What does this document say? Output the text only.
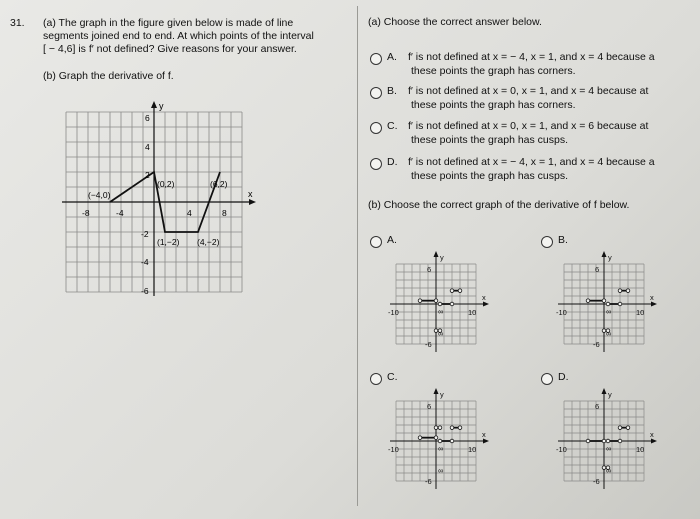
31. (a) The graph in the figure given below is made of line
segments joined end to end. At which points of the interval
[ − 4,6] is f′ not defined? Give reasons for your answer.
(b) Graph the derivative of f.
y
x
-8	-4	4	8
6
4
2
-2
-4
-6
(−4,0)
(0,2)
(1,−2) (4,−2)
(6,2)
(a) Choose the correct answer below.
A. f′ is not defined at x = − 4, x = 1, and x = 4 because a
these points the graph has corners.
B. f′ is not defined at x = 0, x = 1, and x = 4 because at
these points the graph has corners.
C. f′ is not defined at x = 0, x = 1, and x = 6 because at
these points the graph has cusps.
D. f′ is not defined at x = − 4, x = 1, and x = 4 because a
these points the graph has cusps.
(b) Choose the correct graph of the derivative of f below.
A.	B.
C.	D.
y
x
6
-6
-10	10
∞
∞
y
x
6
-6
-10	10
∞
∞
y
x
6
-6
-10	10
∞
∞
y
x
6
-6
-10	10
∞
∞
